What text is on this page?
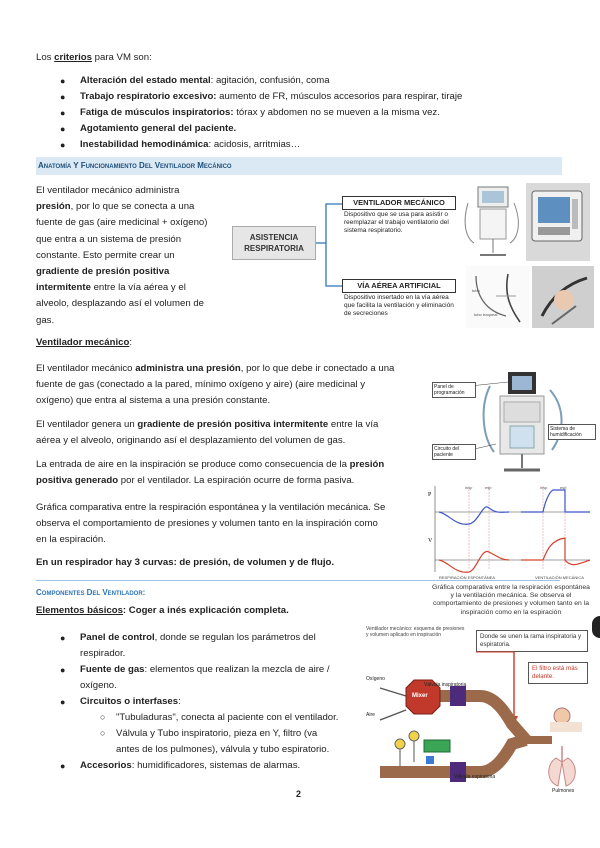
Los criterios para VM son:

● Alteración del estado mental: agitación, confusión, coma

● Trabajo respiratorio excesivo: aumento de FR, músculos accesorios para respirar, tiraje

● Fatiga de músculos inspiratorios: tórax y abdomen no se mueven a la misma vez.

● Agotamiento general del paciente.

● Inestabilidad hemodinámica: acidosis, arritmias…

Anatomía Y Funcionamiento Del Ventilador Mecánico
El ventilador mecánico administra
presión, por lo que se conecta a una
fuente de gas (aire medicinal + oxígeno)
que entra a un sistema de presión
constante. Esto permite crear un
gradiente de presión positiva
intermitente entre la vía aérea y el
alveolo, desplazando así el volumen de
gas.
ASISTENCIA RESPIRATORIA
VENTILADOR MECÁNICO
Dispositivo que se usa para asistir o reemplazar el trabajo ventilatorio del sistema respiratorio.
VÍA AÉREA ARTIFICIAL
Dispositivo insertado en la vía aérea que facilita la ventilación y eliminación de secreciones
tubo
tubo traqueal

Ventilador mecánico:

El ventilador mecánico administra una presión, por lo que debe ir conectado a una
fuente de gas (conectado a la pared, mínimo oxígeno y aire) (aire medicinal y
oxígeno) que entra al sistema a una presión constante.
El ventilador genera un gradiente de presión positiva intermitente entre la vía
aérea y el alveolo, originando así el desplazamiento del volumen de gas.
La entrada de aire en la inspiración se produce como consecuencia de la presión
positiva generado por el ventilador. La espiración ocurre de forma pasiva.
Gráfica comparativa entre la respiración espontánea y la ventilación mecánica. Se
observa el comportamiento de presiones y volumen tanto en la inspiración como
en la espiración.

En un respirador hay 3 curvas: de presión, de volumen y de flujo.

Panel de programación
Sistema de humidificación
Circuito del paciente
P
V
insp	esp	insp	esp
RESPIRACIÓN ESPONTÁNEA	VENTILACIÓN MECÁNICA
Gráfica comparativa entre la respiración espontánea y la ventilación mecánica. Se observa el comportamiento de presiones y volumen tanto en la inspiración como en la espiración
Componentes Del Ventilador:

Elementos básicos: Coger a inés explicación completa.

● Panel de control, donde se regulan los parámetros del
respirador.
● Fuente de gas: elementos que realizan la mezcla de aire /
oxígeno.
● Circuitos o interfases:
○ "Tubuladuras", conecta al paciente con el ventilador.
○ Válvula y Tubo inspiratorio, pieza en Y, filtro (va
antes de los pulmones), válvula y tubo espiratorio.
● Accesorios: humidificadores, sistemas de alarmas.
Ventilador mecánico: esquema de presiones y volumen aplicado en inspiración	Donde se unen la rama inspiratoria y espiratoria.
El filtro está más delante.
Oxígeno
Aire
Mixer
Válvula inspiratoria
Válvula espiratoria
Pulmones
2
